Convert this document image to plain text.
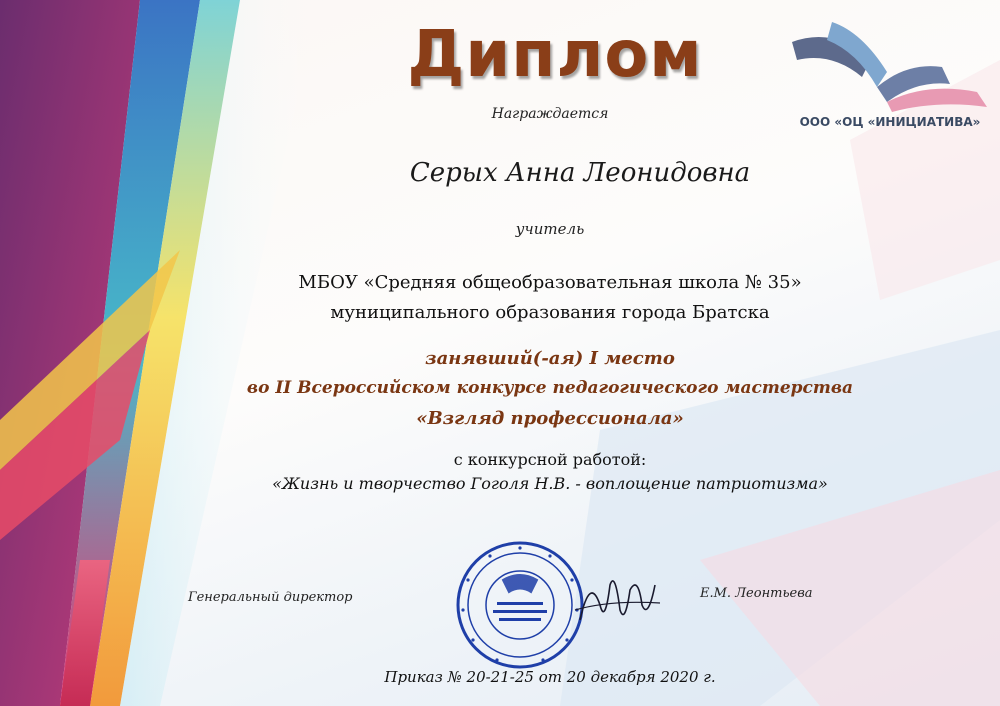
Диплом

ООО «ОЦ «ИНИЦИАТИВА»

Награждается

Серых Анна Леонидовна

учитель

МБОУ «Средняя общеобразовательная школа № 35»

муниципального образования города Братска

занявший(-ая) I место

во II Всероссийском конкурсе педагогического мастерства

«Взгляд профессионала»

с конкурсной работой:

«Жизнь и творчество Гоголя Н.В. - воплощение патриотизма»

Генеральный директор	Е.М. Леонтьева

Приказ № 20-21-25 от 20 декабря 2020 г.
